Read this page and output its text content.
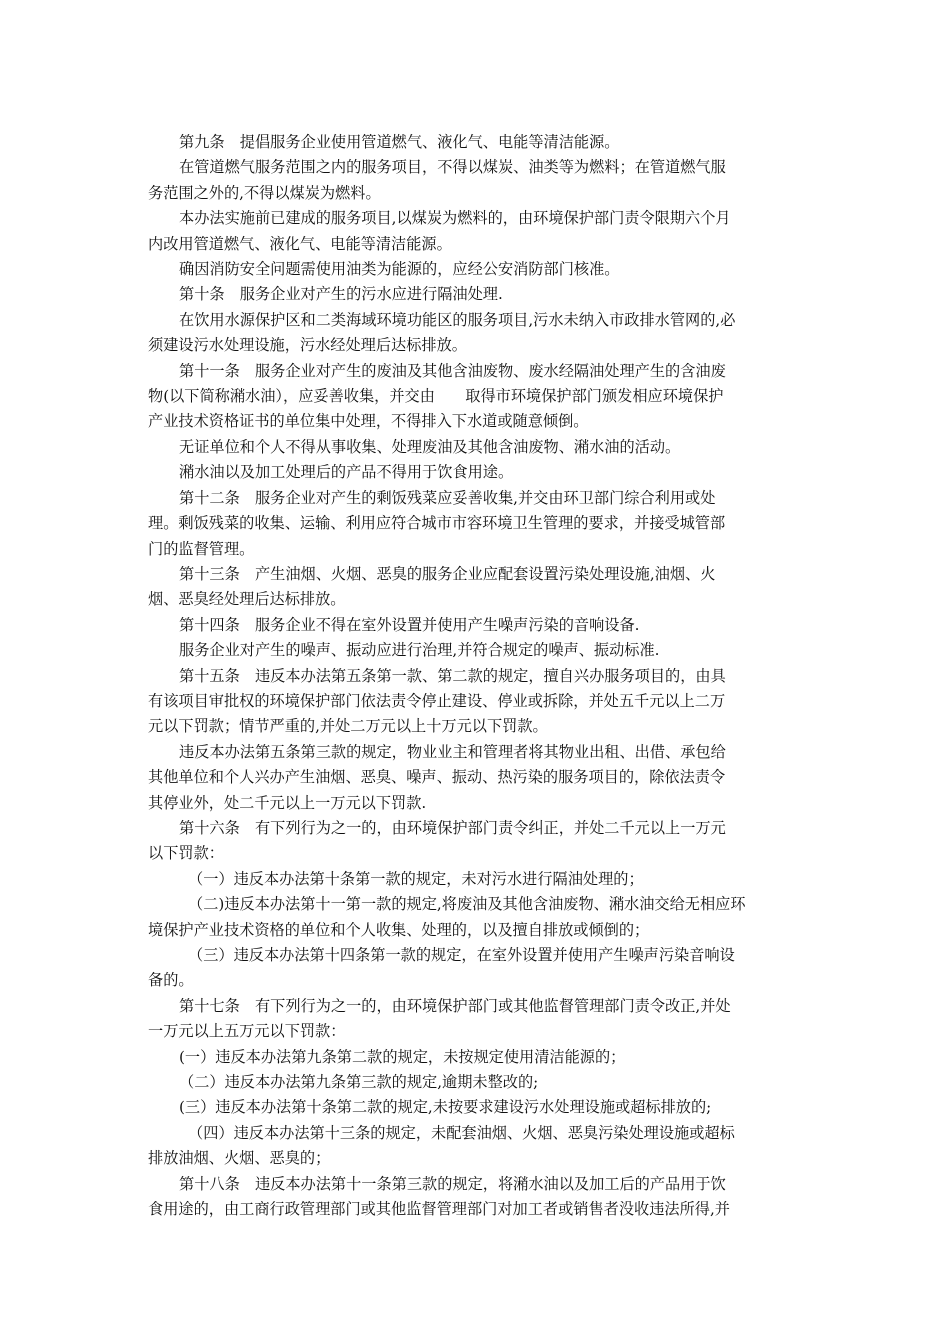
第九条　提倡服务企业使用管道燃气、液化气、电能等清洁能源。
在管道燃气服务范围之内的服务项目，不得以煤炭、油类等为燃料；在管道燃气服
务范围之外的,不得以煤炭为燃料。
本办法实施前已建成的服务项目,以煤炭为燃料的，由环境保护部门责令限期六个月
内改用管道燃气、液化气、电能等清洁能源。
确因消防安全问题需使用油类为能源的，应经公安消防部门核准。
第十条　服务企业对产生的污水应进行隔油处理.
在饮用水源保护区和二类海域环境功能区的服务项目,污水未纳入市政排水管网的,必
须建设污水处理设施，污水经处理后达标排放。
第十一条　服务企业对产生的废油及其他含油废物、废水经隔油处理产生的含油废
物(以下简称潲水油），应妥善收集，并交由　　取得市环境保护部门颁发相应环境保护
产业技术资格证书的单位集中处理，不得排入下水道或随意倾倒。
无证单位和个人不得从事收集、处理废油及其他含油废物、潲水油的活动。
潲水油以及加工处理后的产品不得用于饮食用途。
第十二条　服务企业对产生的剩饭残菜应妥善收集,并交由环卫部门综合利用或处
理。剩饭残菜的收集、运输、利用应符合城市市容环境卫生管理的要求，并接受城管部
门的监督管理。
第十三条　产生油烟、火烟、恶臭的服务企业应配套设置污染处理设施,油烟、火
烟、恶臭经处理后达标排放。
第十四条　服务企业不得在室外设置并使用产生噪声污染的音响设备.
服务企业对产生的噪声、振动应进行治理,并符合规定的噪声、振动标准.
第十五条　违反本办法第五条第一款、第二款的规定，擅自兴办服务项目的，由具
有该项目审批权的环境保护部门依法责令停止建设、停业或拆除，并处五千元以上二万
元以下罚款；情节严重的,并处二万元以上十万元以下罚款。
违反本办法第五条第三款的规定，物业业主和管理者将其物业出租、出借、承包给
其他单位和个人兴办产生油烟、恶臭、噪声、振动、热污染的服务项目的，除依法责令
其停业外，处二千元以上一万元以下罚款.
第十六条　有下列行为之一的，由环境保护部门责令纠正，并处二千元以上一万元
以下罚款：
（一）违反本办法第十条第一款的规定，未对污水进行隔油处理的；
（二)违反本办法第十一第一款的规定,将废油及其他含油废物、潲水油交给无相应环
境保护产业技术资格的单位和个人收集、处理的，以及擅自排放或倾倒的；
（三）违反本办法第十四条第一款的规定，在室外设置并使用产生噪声污染音响设
备的。
第十七条　有下列行为之一的，由环境保护部门或其他监督管理部门责令改正,并处
一万元以上五万元以下罚款：
(一）违反本办法第九条第二款的规定，未按规定使用清洁能源的；
（二）违反本办法第九条第三款的规定,逾期未整改的;
(三）违反本办法第十条第二款的规定,未按要求建设污水处理设施或超标排放的;
（四）违反本办法第十三条的规定，未配套油烟、火烟、恶臭污染处理设施或超标
排放油烟、火烟、恶臭的；
第十八条　违反本办法第十一条第三款的规定，将潲水油以及加工后的产品用于饮
食用途的，由工商行政管理部门或其他监督管理部门对加工者或销售者没收违法所得,并
